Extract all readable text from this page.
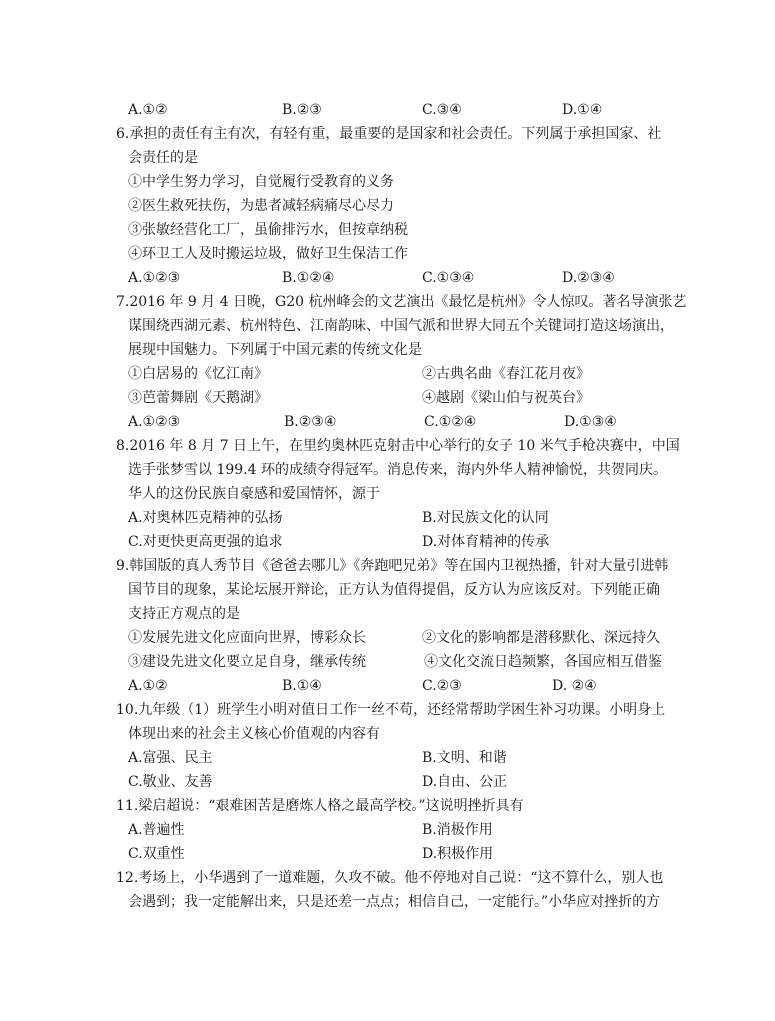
A.①②	B.②③	C.③④	D.①④
6.承担的责任有主有次，有轻有重，最重要的是国家和社会责任。下列属于承担国家、社
会责任的是
①中学生努力学习，自觉履行受教育的义务
②医生救死扶伤，为患者减轻病痛尽心尽力
③张敏经营化工厂，虽偷排污水，但按章纳税
④环卫工人及时搬运垃圾，做好卫生保洁工作
A.①②③	B.①②④	C.①③④	D.②③④
7.2016 年 9 月 4 日晚，G20 杭州峰会的文艺演出《最忆是杭州》令人惊叹。著名导演张艺
谋围绕西湖元素、杭州特色、江南韵味、中国气派和世界大同五个关键词打造这场演出，
展现中国魅力。下列属于中国元素的传统文化是
①白居易的《忆江南》	②古典名曲《春江花月夜》
③芭蕾舞剧《天鹅湖》	④越剧《梁山伯与祝英台》
A.①②③	B.②③④	C.①②④	D.①③④
8.2016 年 8 月 7 日上午，在里约奥林匹克射击中心举行的女子 10 米气手枪决赛中，中国
选手张梦雪以 199.4 环的成绩夺得冠军。消息传来，海内外华人精神愉悦，共贺同庆。
华人的这份民族自豪感和爱国情怀，源于
A.对奥林匹克精神的弘扬	B.对民族文化的认同
C.对更快更高更强的追求	D.对体育精神的传承
9.韩国版的真人秀节目《爸爸去哪儿》《奔跑吧兄弟》等在国内卫视热播，针对大量引进韩
国节目的现象，某论坛展开辩论，正方认为值得提倡，反方认为应该反对。下列能正确
支持正方观点的是
①发展先进文化应面向世界，博彩众长	②文化的影响都是潜移默化、深远持久
③建设先进文化要立足自身，继承传统	④文化交流日趋频繁，各国应相互借鉴
A.①②	B.①④	C.②③	D. ②④
10.九年级（1）班学生小明对值日工作一丝不苟，还经常帮助学困生补习功课。小明身上
体现出来的社会主义核心价值观的内容有
A.富强、民主	B.文明、和谐
C.敬业、友善	D.自由、公正
11.梁启超说：“艰难困苦是磨炼人格之最高学校。”这说明挫折具有
A.普遍性	B.消极作用
C.双重性	D.积极作用
12.考场上，小华遇到了一道难题，久攻不破。他不停地对自己说：“这不算什么，别人也
会遇到；我一定能解出来，只是还差一点点；相信自己，一定能行。”小华应对挫折的方
